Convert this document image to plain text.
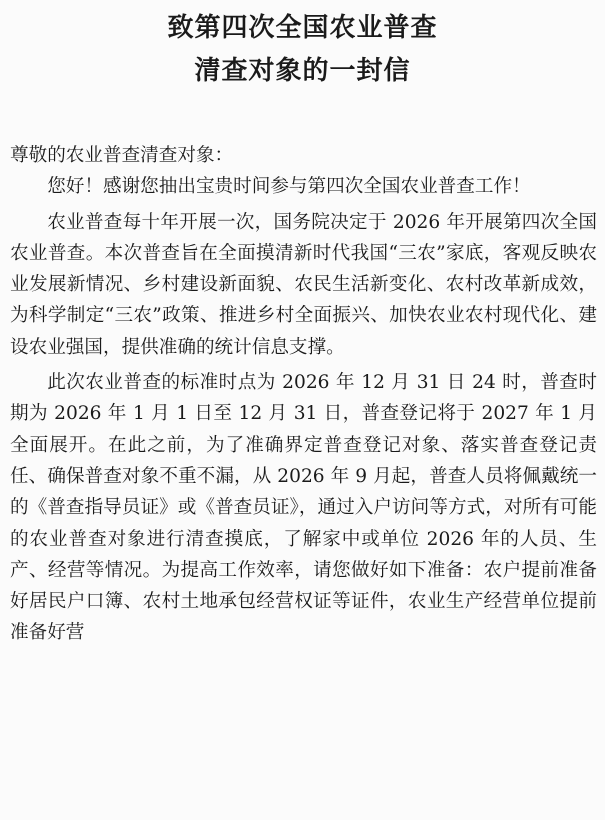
致第四次全国农业普查
清查对象的一封信

尊敬的农业普查清查对象：

您好！感谢您抽出宝贵时间参与第四次全国农业普查工作！

农业普查每十年开展一次，国务院决定于 2026 年开展第四次全国农业普查。本次普查旨在全面摸清新时代我国“三农”家底，客观反映农业发展新情况、乡村建设新面貌、农民生活新变化、农村改革新成效，为科学制定“三农”政策、推进乡村全面振兴、加快农业农村现代化、建设农业强国，提供准确的统计信息支撑。

此次农业普查的标准时点为 2026 年 12 月 31 日 24 时，普查时期为 2026 年 1 月 1 日至 12 月 31 日，普查登记将于 2027 年 1 月全面展开。在此之前，为了准确界定普查登记对象、落实普查登记责任、确保普查对象不重不漏，从 2026 年 9 月起，普查人员将佩戴统一的《普查指导员证》或《普查员证》，通过入户访问等方式，对所有可能的农业普查对象进行清查摸底，了解家中或单位 2026 年的人员、生产、经营等情况。为提高工作效率，请您做好如下准备：农户提前准备好居民户口簿、农村土地承包经营权证等证件，农业生产经营单位提前准备好营
